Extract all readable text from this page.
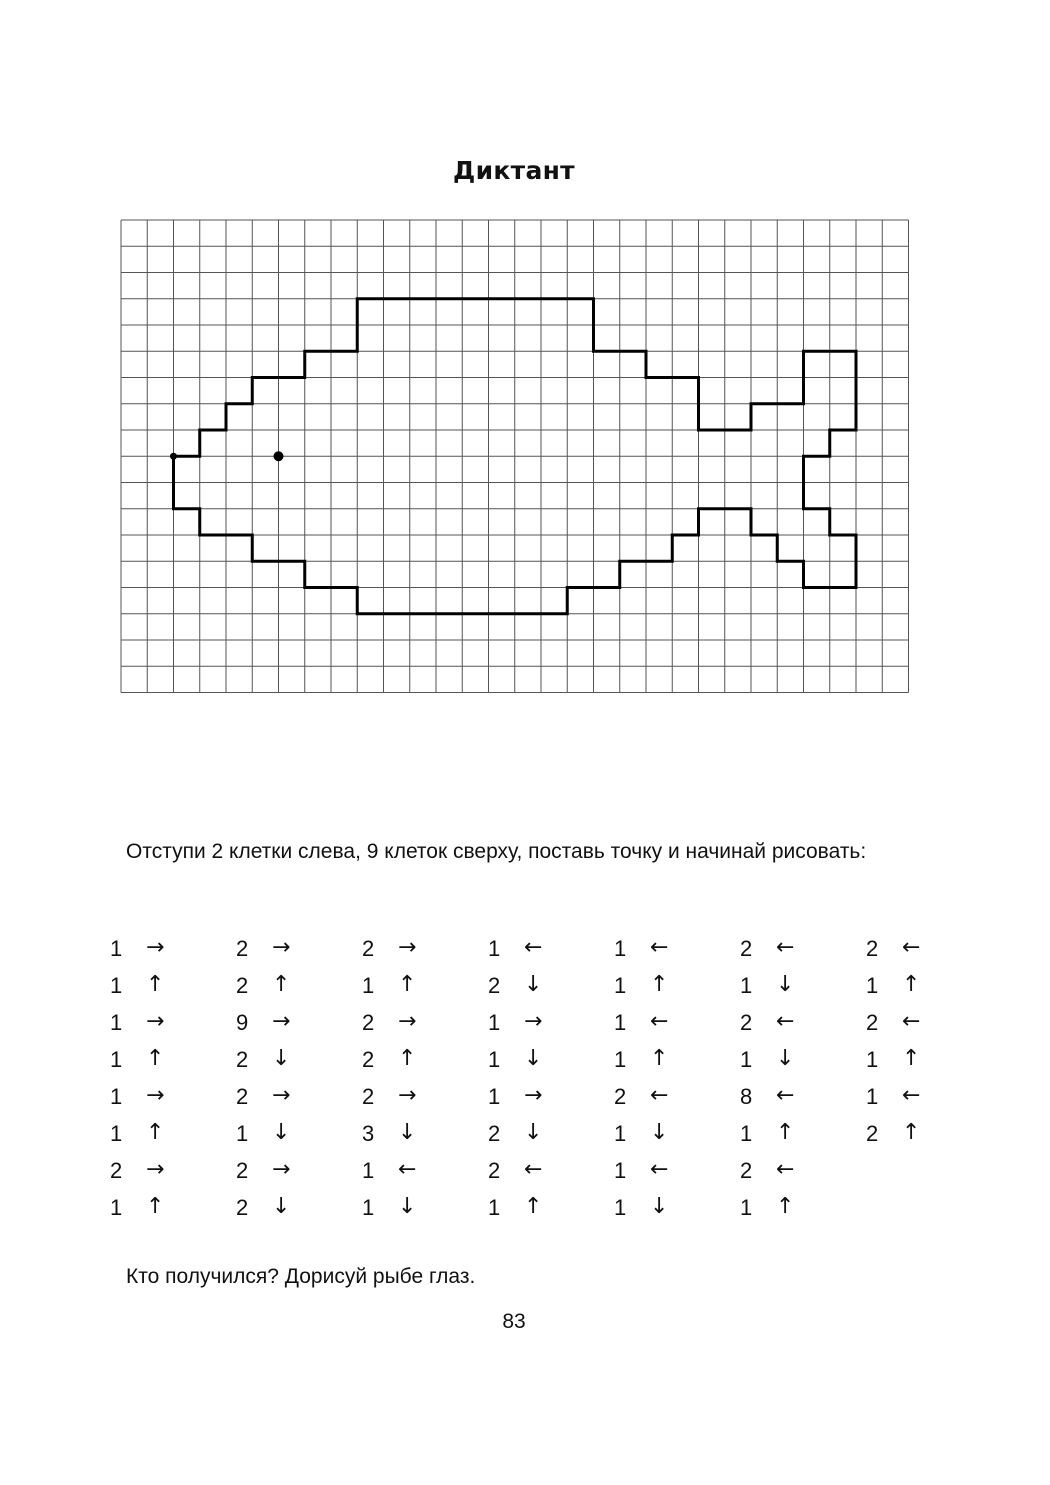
Диктант
Отступи 2 клетки слева, 9 клеток сверху, поставь точку и начинай рисовать:
1 →
1 ↑
1 →
1 ↑
1 →
1 ↑
2 →
1 ↑
2 →
2 ↑
9 →
2 ↓
2 →
1 ↓
2 →
2 ↓
2 →
1 ↑
2 →
2 ↑
2 →
3 ↓
1 ←
1 ↓
1 ←
2 ↓
1 →
1 ↓
1 →
2 ↓
2 ←
1 ↑
1 ←
1 ↑
1 ←
1 ↑
2 ←
1 ↓
1 ←
1 ↓
2 ←
1 ↓
2 ←
1 ↓
8 ←
1 ↑
2 ←
1 ↑
2 ←
1 ↑
2 ←
1 ↑
1 ←
2 ↑
Кто получился? Дорисуй рыбе глаз.
83
